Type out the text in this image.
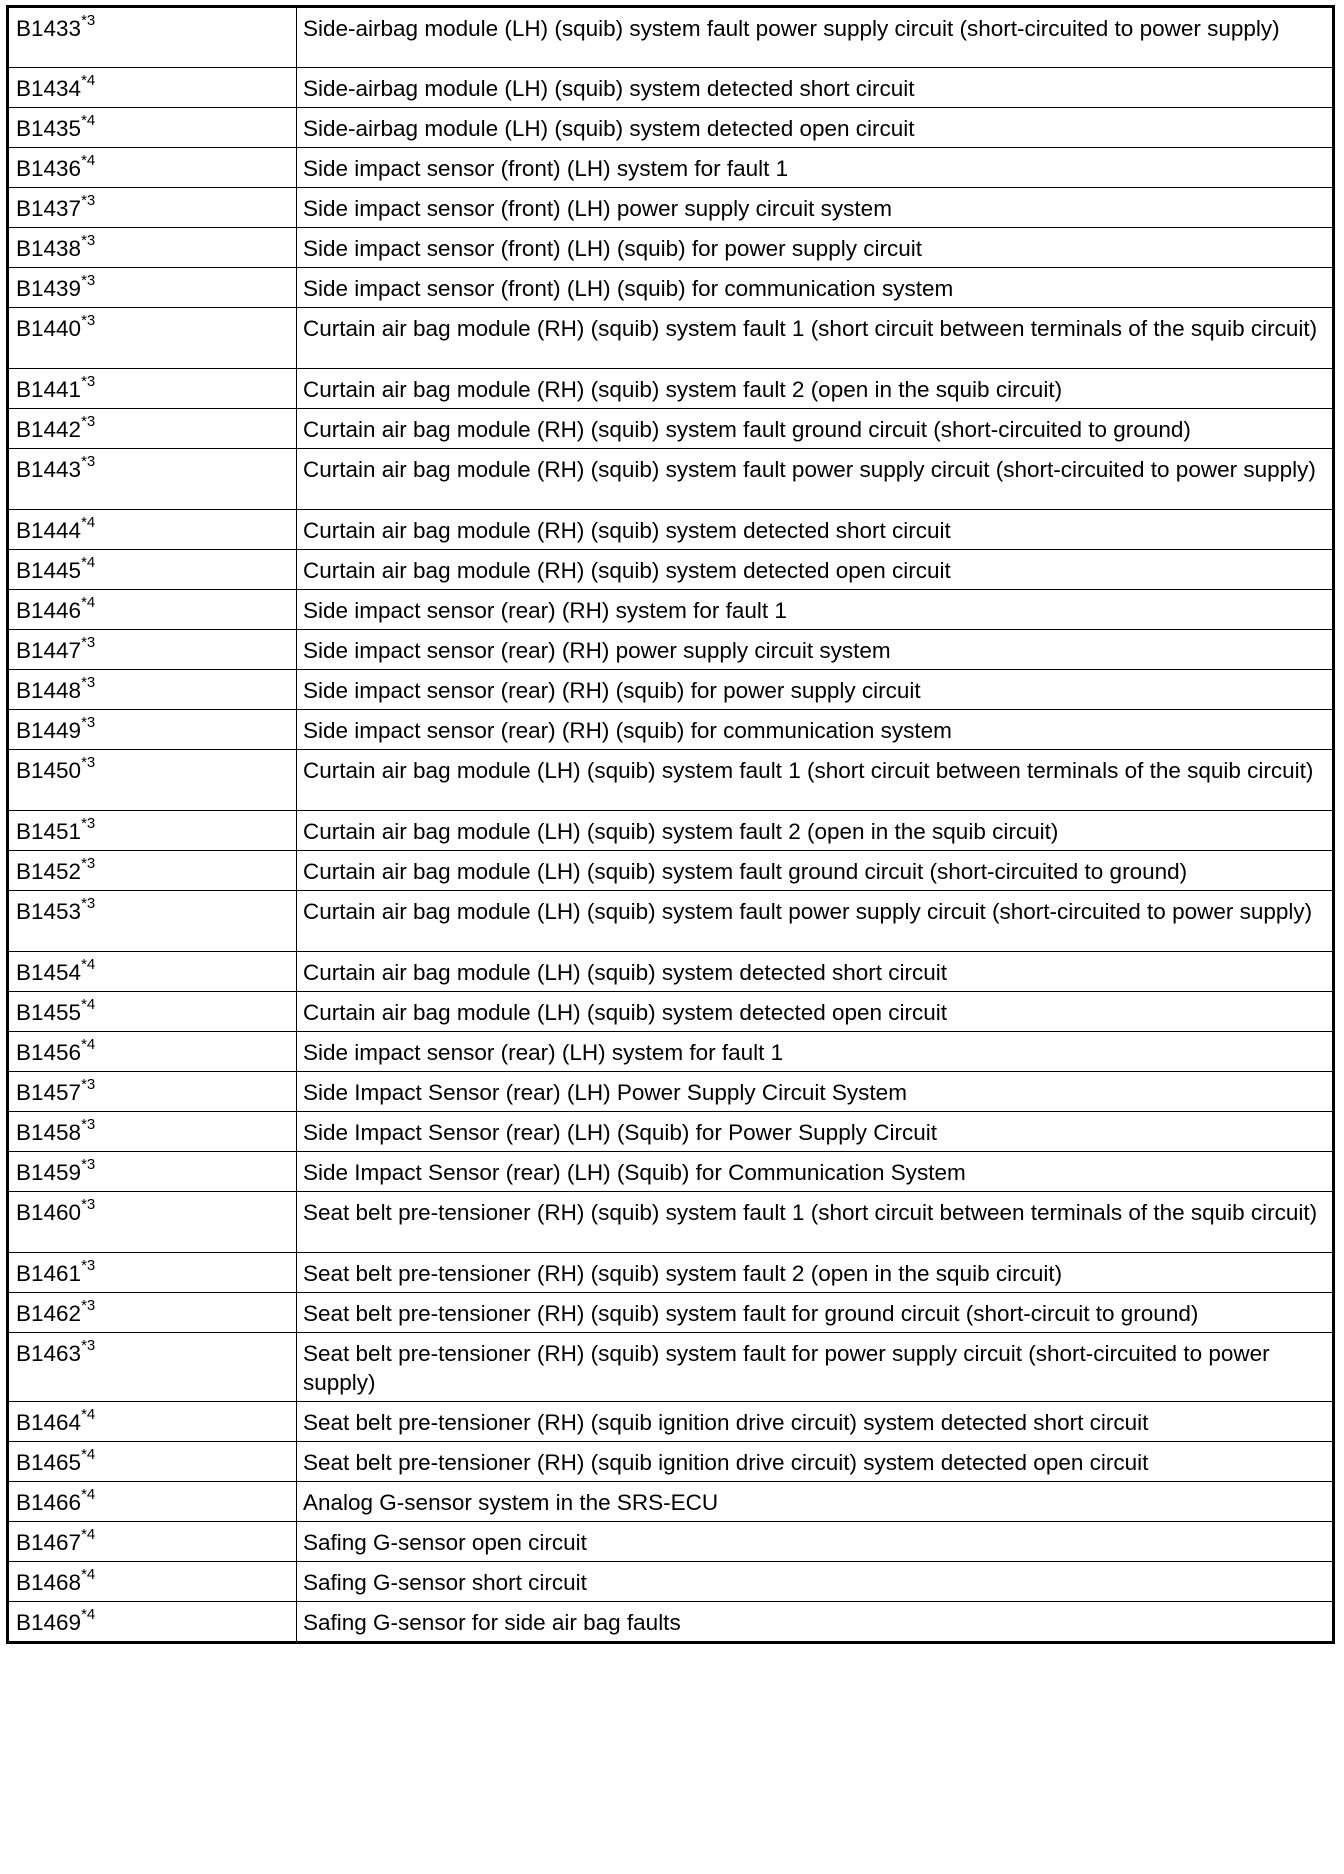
B1433$^{*3}$	Side-airbag module (LH) (squib) system fault power supply circuit (short-circuited to power supply)
B1434$^{*4}$	Side-airbag module (LH) (squib) system detected short circuit
B1435$^{*4}$	Side-airbag module (LH) (squib) system detected open circuit
B1436$^{*4}$	Side impact sensor (front) (LH) system for fault 1
B1437$^{*3}$	Side impact sensor (front) (LH) power supply circuit system
B1438$^{*3}$	Side impact sensor (front) (LH) (squib) for power supply circuit
B1439$^{*3}$	Side impact sensor (front) (LH) (squib) for communication system
B1440$^{*3}$	Curtain air bag module (RH) (squib) system fault 1 (short circuit between terminals of the squib circuit)
B1441$^{*3}$	Curtain air bag module (RH) (squib) system fault 2 (open in the squib circuit)
B1442$^{*3}$	Curtain air bag module (RH) (squib) system fault ground circuit (short-circuited to ground)
B1443$^{*3}$	Curtain air bag module (RH) (squib) system fault power supply circuit (short-circuited to power supply)
B1444$^{*4}$	Curtain air bag module (RH) (squib) system detected short circuit
B1445$^{*4}$	Curtain air bag module (RH) (squib) system detected open circuit
B1446$^{*4}$	Side impact sensor (rear) (RH) system for fault 1
B1447$^{*3}$	Side impact sensor (rear) (RH) power supply circuit system
B1448$^{*3}$	Side impact sensor (rear) (RH) (squib) for power supply circuit
B1449$^{*3}$	Side impact sensor (rear) (RH) (squib) for communication system
B1450$^{*3}$	Curtain air bag module (LH) (squib) system fault 1 (short circuit between terminals of the squib circuit)
B1451$^{*3}$	Curtain air bag module (LH) (squib) system fault 2 (open in the squib circuit)
B1452$^{*3}$	Curtain air bag module (LH) (squib) system fault ground circuit (short-circuited to ground)
B1453$^{*3}$	Curtain air bag module (LH) (squib) system fault power supply circuit (short-circuited to power supply)
B1454$^{*4}$	Curtain air bag module (LH) (squib) system detected short circuit
B1455$^{*4}$	Curtain air bag module (LH) (squib) system detected open circuit
B1456$^{*4}$	Side impact sensor (rear) (LH) system for fault 1
B1457$^{*3}$	Side Impact Sensor (rear) (LH) Power Supply Circuit System
B1458$^{*3}$	Side Impact Sensor (rear) (LH) (Squib) for Power Supply Circuit
B1459$^{*3}$	Side Impact Sensor (rear) (LH) (Squib) for Communication System
B1460$^{*3}$	Seat belt pre-tensioner (RH) (squib) system fault 1 (short circuit between terminals of the squib circuit)
B1461$^{*3}$	Seat belt pre-tensioner (RH) (squib) system fault 2 (open in the squib circuit)
B1462$^{*3}$	Seat belt pre-tensioner (RH) (squib) system fault for ground circuit (short-circuit to ground)
B1463$^{*3}$	Seat belt pre-tensioner (RH) (squib) system fault for power supply circuit (short-circuited to power supply)
B1464$^{*4}$	Seat belt pre-tensioner (RH) (squib ignition drive circuit) system detected short circuit
B1465$^{*4}$	Seat belt pre-tensioner (RH) (squib ignition drive circuit) system detected open circuit
B1466$^{*4}$	Analog G-sensor system in the SRS-ECU
B1467$^{*4}$	Safing G-sensor open circuit
B1468$^{*4}$	Safing G-sensor short circuit
B1469$^{*4}$	Safing G-sensor for side air bag faults
